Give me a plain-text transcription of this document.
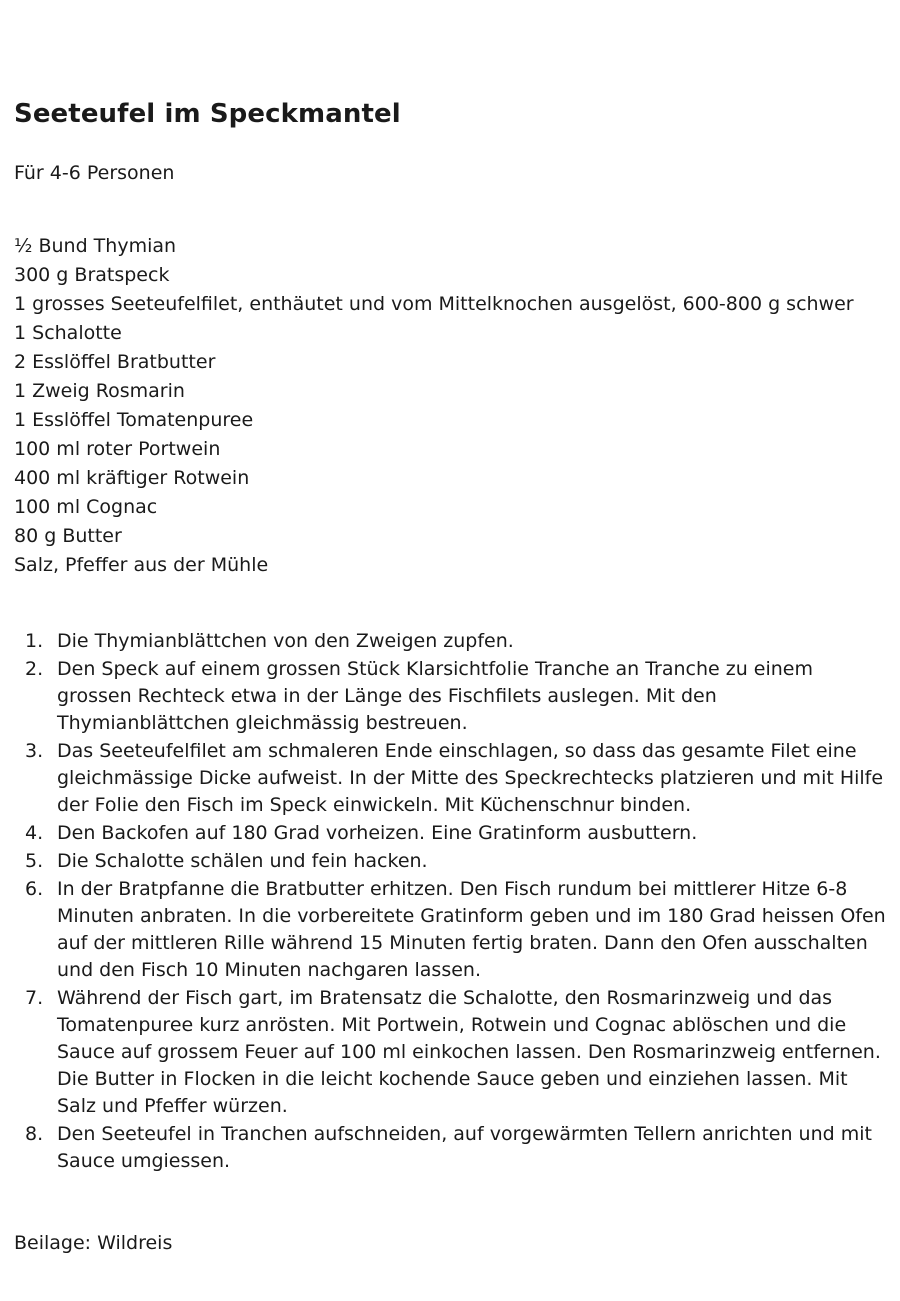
Seeteufel im Speckmantel

Für 4-6 Personen

½ Bund Thymian
300 g Bratspeck
1 grosses Seeteufelfilet, enthäutet und vom Mittelknochen ausgelöst, 600-800 g schwer
1 Schalotte
2 Esslöffel Bratbutter
1 Zweig Rosmarin
1 Esslöffel Tomatenpuree
100 ml roter Portwein
400 ml kräftiger Rotwein
100 ml Cognac
80 g Butter
Salz, Pfeffer aus der Mühle
Die Thymianblättchen von den Zweigen zupfen.
Den Speck auf einem grossen Stück Klarsichtfolie Tranche an Tranche zu einem grossen Rechteck etwa in der Länge des Fischfilets auslegen. Mit den Thymianblättchen gleichmässig bestreuen.
Das Seeteufelfilet am schmaleren Ende einschlagen, so dass das gesamte Filet eine gleichmässige Dicke aufweist. In der Mitte des Speckrechtecks platzieren und mit Hilfe der Folie den Fisch im Speck einwickeln. Mit Küchenschnur binden.
Den Backofen auf 180 Grad vorheizen. Eine Gratinform ausbuttern.
Die Schalotte schälen und fein hacken.
In der Bratpfanne die Bratbutter erhitzen. Den Fisch rundum bei mittlerer Hitze 6-8 Minuten anbraten. In die vorbereitete Gratinform geben und im 180 Grad heissen Ofen auf der mittleren Rille während 15 Minuten fertig braten. Dann den Ofen ausschalten und den Fisch 10 Minuten nachgaren lassen.
Während der Fisch gart, im Bratensatz die Schalotte, den Rosmarinzweig und das Tomatenpuree kurz anrösten. Mit Portwein, Rotwein und Cognac ablöschen und die Sauce auf grossem Feuer auf 100 ml einkochen lassen. Den Rosmarinzweig entfernen. Die Butter in Flocken in die leicht kochende Sauce geben und einziehen lassen. Mit Salz und Pfeffer würzen.
Den Seeteufel in Tranchen aufschneiden, auf vorgewärmten Tellern anrichten und mit Sauce umgiessen.

Beilage: Wildreis
